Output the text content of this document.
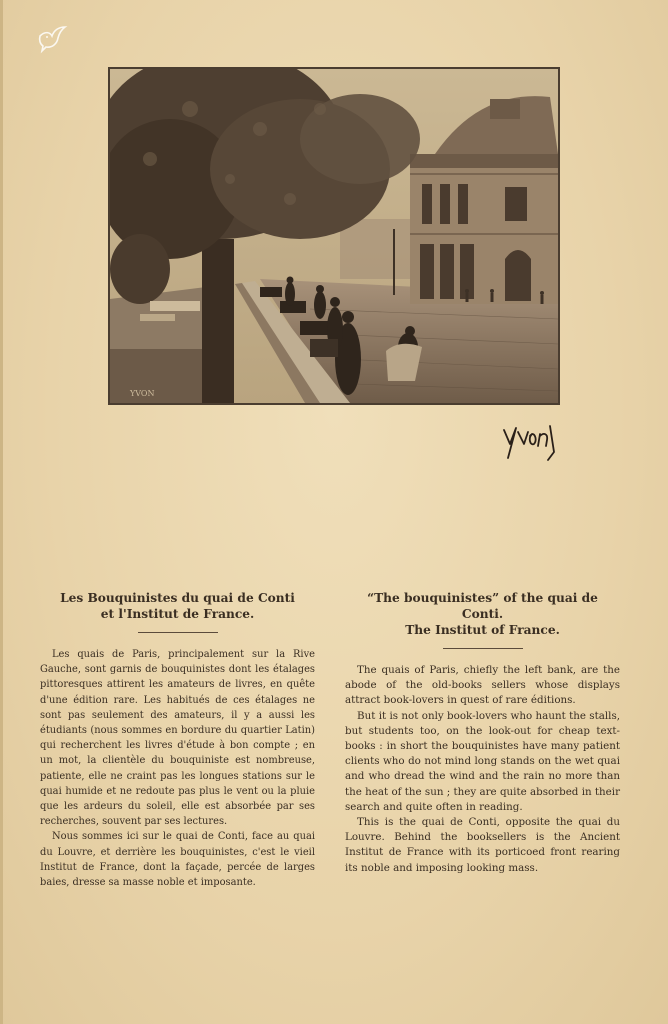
YVON

Les Bouquinistes du quai de Conti
et l'Institut de France.

Les quais de Paris, principalement sur la Rive Gauche, sont garnis de bouquinistes dont les étalages pittoresques attirent les amateurs de livres, en quête d'une édition rare. Les habitués de ces étalages ne sont pas seulement des amateurs, il y a aussi les étudiants (nous sommes en bordure du quartier Latin) qui recherchent les livres d'étude à bon compte ; en un mot, la clientèle du bouquiniste est nombreuse, patiente, elle ne craint pas les longues stations sur le quai humide et ne redoute pas plus le vent ou la pluie que les ardeurs du soleil, elle est absorbée par ses recherches, souvent par ses lectures.

Nous sommes ici sur le quai de Conti, face au quai du Louvre, et derrière les bouquinistes, c'est le vieil Institut de France, dont la façade, percée de larges baies, dresse sa masse noble et imposante.

“The bouquinistes” of the quai de Conti.
The Institut of France.

The quais of Paris, chiefly the left bank, are the abode of the old-books sellers whose displays attract book-lovers in quest of rare éditions.

But it is not only book-lovers who haunt the stalls, but students too, on the look-out for cheap text-books : in short the bouquinistes have many patient clients who do not mind long stands on the wet quai and who dread the wind and the rain no more than the heat of the sun ; they are quite absorbed in their search and quite often in reading.

This is the quai de Conti, opposite the quai du Louvre. Behind the booksellers is the Ancient Institut de France with its porticoed front rearing its noble and imposing looking mass.
